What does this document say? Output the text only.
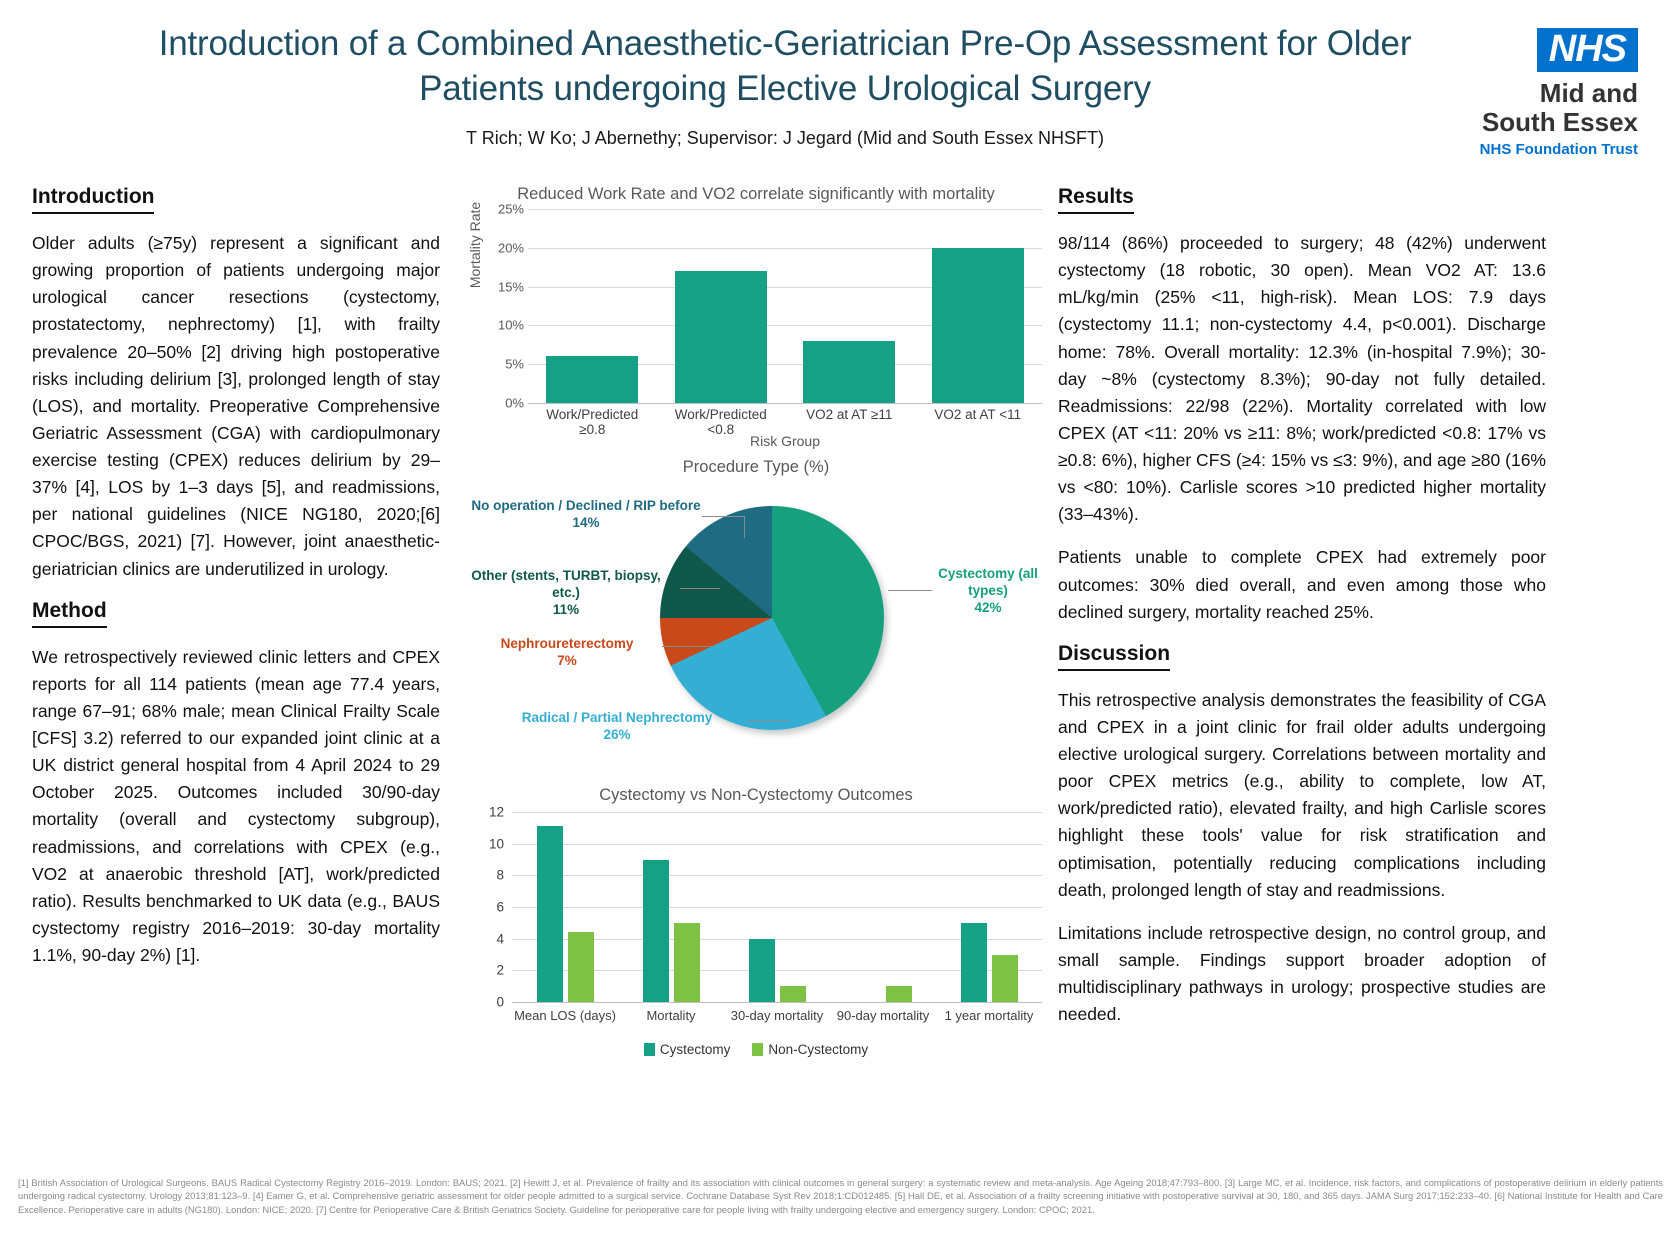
Introduction of a Combined Anaesthetic-Geriatrician Pre-Op Assessment for Older Patients undergoing Elective Urological Surgery
T Rich; W Ko; J Abernethy; Supervisor: J Jegard (Mid and South Essex NHSFT)
NHS
Mid and
South Essex
NHS Foundation Trust
Introduction

Older adults (≥75y) represent a significant and growing proportion of patients undergoing major urological cancer resections (cystectomy, prostatectomy, nephrectomy) [1], with frailty prevalence 20–50% [2] driving high postoperative risks including delirium [3], prolonged length of stay (LOS), and mortality. Preoperative Comprehensive Geriatric Assessment (CGA) with cardiopulmonary exercise testing (CPEX) reduces delirium by 29–37% [4], LOS by 1–3 days [5], and readmissions, per national guidelines (NICE NG180, 2020;[6] CPOC/BGS, 2021) [7]. However, joint anaesthetic-geriatrician clinics are underutilized in urology.

Method

We retrospectively reviewed clinic letters and CPEX reports for all 114 patients (mean age 77.4 years, range 67–91; 68% male; mean Clinical Frailty Scale [CFS] 3.2) referred to our expanded joint clinic at a UK district general hospital from 4 April 2024 to 29 October 2025. Outcomes included 30/90-day mortality (overall and cystectomy subgroup), readmissions, and correlations with CPEX (e.g., VO2 at anaerobic threshold [AT], work/predicted ratio). Results benchmarked to UK data (e.g., BAUS cystectomy registry 2016–2019: 30-day mortality 1.1%, 90-day 2%) [1].

Reduced Work Rate and VO2 correlate significantly with mortality
Mortality Rate
0%
5%
10%
15%
20%
25%
Work/Predicted ≥0.8
Work/Predicted <0.8
VO2 at AT ≥11	VO2 at AT <11
Risk Group
Procedure Type (%)
No operation / Declined / RIP before
14%
Other (stents, TURBT, biopsy, etc.)
11%
Nephroureterectomy
7%
Radical / Partial Nephrectomy
26%
Cystectomy (all types)
42%
Cystectomy vs Non-Cystectomy Outcomes
0
2
4
6
8
10
12
Mean LOS (days)	Mortality	30-day mortality	90-day mortality	1 year mortality
Cystectomy	Non-Cystectomy
Results

98/114 (86%) proceeded to surgery; 48 (42%) underwent cystectomy (18 robotic, 30 open). Mean VO2 AT: 13.6 mL/kg/min (25% <11, high-risk). Mean LOS: 7.9 days (cystectomy 11.1; non-cystectomy 4.4, p<0.001). Discharge home: 78%. Overall mortality: 12.3% (in-hospital 7.9%); 30-day ~8% (cystectomy 8.3%); 90-day not fully detailed. Readmissions: 22/98 (22%). Mortality correlated with low CPEX (AT <11: 20% vs ≥11: 8%; work/predicted <0.8: 17% vs ≥0.8: 6%), higher CFS (≥4: 15% vs ≤3: 9%), and age ≥80 (16% vs <80: 10%). Carlisle scores >10 predicted higher mortality (33–43%).

Patients unable to complete CPEX had extremely poor outcomes: 30% died overall, and even among those who declined surgery, mortality reached 25%.

Discussion

This retrospective analysis demonstrates the feasibility of CGA and CPEX in a joint clinic for frail older adults undergoing elective urological surgery. Correlations between mortality and poor CPEX metrics (e.g., ability to complete, low AT, work/predicted ratio), elevated frailty, and high Carlisle scores highlight these tools' value for risk stratification and optimisation, potentially reducing complications including death, prolonged length of stay and readmissions.

Limitations include retrospective design, no control group, and small sample. Findings support broader adoption of multidisciplinary pathways in urology; prospective studies are needed.

[1] British Association of Urological Surgeons. BAUS Radical Cystectomy Registry 2016–2019. London: BAUS; 2021. [2] Hewitt J, et al. Prevalence of frailty and its association with clinical outcomes in general surgery: a systematic review and meta-analysis. Age Ageing 2018;47:793–800. [3] Large MC, et al. Incidence, risk factors, and complications of postoperative delirium in elderly patients undergoing radical cystectomy. Urology 2013;81:123–9. [4] Eamer G, et al. Comprehensive geriatric assessment for older people admitted to a surgical service. Cochrane Database Syst Rev 2018;1:CD012485. [5] Hall DE, et al. Association of a frailty screening initiative with postoperative survival at 30, 180, and 365 days. JAMA Surg 2017;152:233–40. [6] National Institute for Health and Care Excellence. Perioperative care in adults (NG180). London: NICE; 2020. [7] Centre for Perioperative Care & British Geriatrics Society. Guideline for perioperative care for people living with frailty undergoing elective and emergency surgery. London: CPOC; 2021.
